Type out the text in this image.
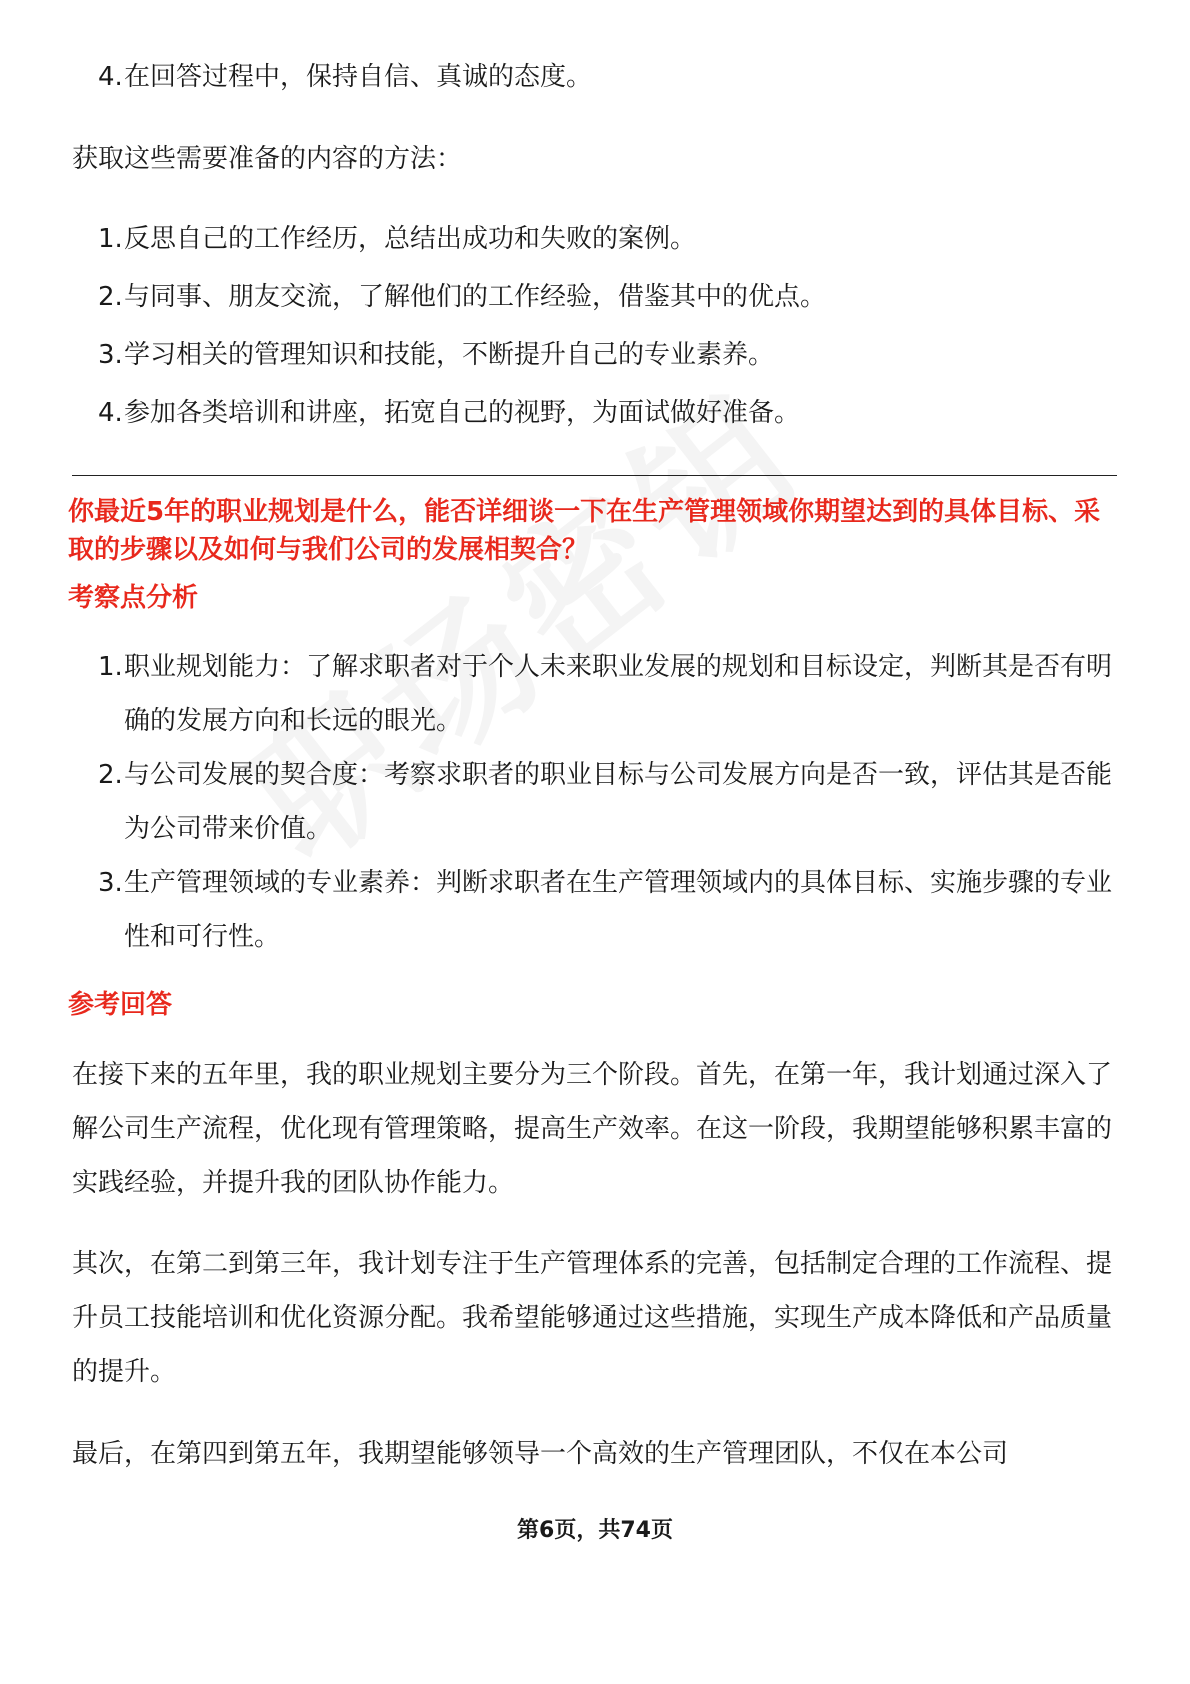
4. 在回答过程中，保持自信、真诚的态度。
获取这些需要准备的内容的方法：
1. 反思自己的工作经历，总结出成功和失败的案例。
2. 与同事、朋友交流，了解他们的工作经验，借鉴其中的优点。
3. 学习相关的管理知识和技能，不断提升自己的专业素养。
4. 参加各类培训和讲座，拓宽自己的视野，为面试做好准备。
你最近5年的职业规划是什么，能否详细谈一下在生产管理领域你期望达到的具体目标、采取的步骤以及如何与我们公司的发展相契合？
考察点分析
1. 职业规划能力：了解求职者对于个人未来职业发展的规划和目标设定，判断其是否有明确的发展方向和长远的眼光。
2. 与公司发展的契合度：考察求职者的职业目标与公司发展方向是否一致，评估其是否能为公司带来价值。
3. 生产管理领域的专业素养：判断求职者在生产管理领域内的具体目标、实施步骤的专业性和可行性。
参考回答
在接下来的五年里，我的职业规划主要分为三个阶段。首先，在第一年，我计划通过深入了解公司生产流程，优化现有管理策略，提高生产效率。在这一阶段，我期望能够积累丰富的实践经验，并提升我的团队协作能力。
其次，在第二到第三年，我计划专注于生产管理体系的完善，包括制定合理的工作流程、提升员工技能培训和优化资源分配。我希望能够通过这些措施，实现生产成本降低和产品质量的提升。
最后，在第四到第五年，我期望能够领导一个高效的生产管理团队，不仅在本公司
第6页，共74页
